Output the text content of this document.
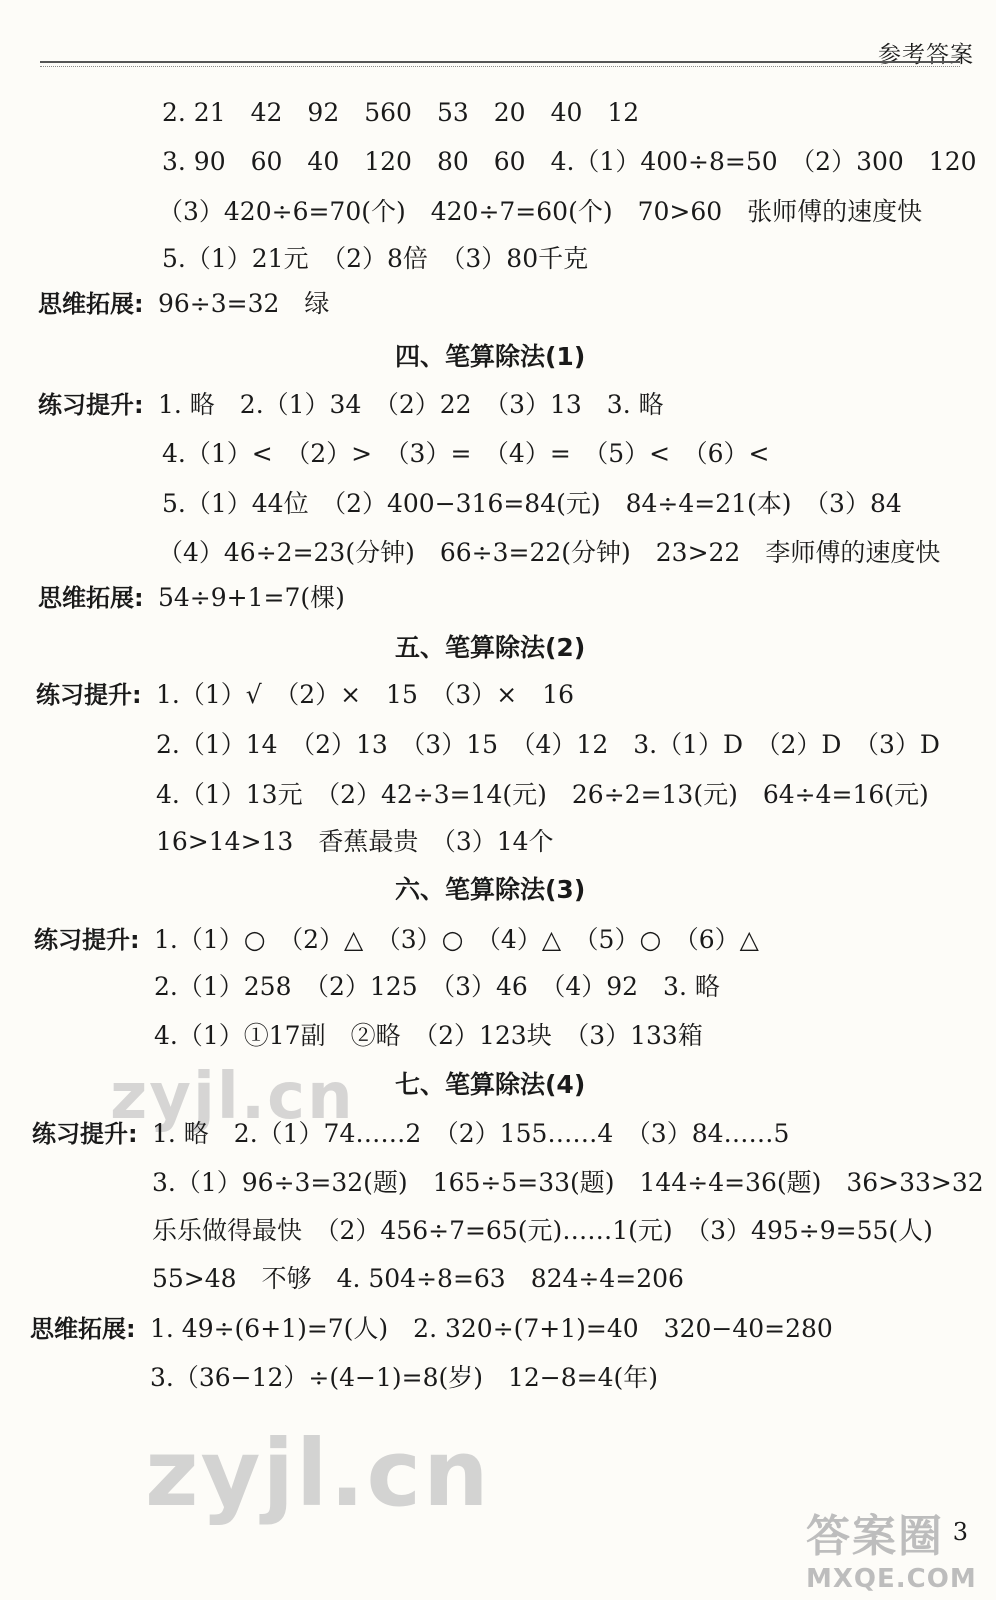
参考答案
zyjl.cn
zyjl.cn
2. 21　42　92　560　53　20　40　12
3. 90　60　40　120　80　60　4.（1）400÷8=50　（2）300　120
（3）420÷6=70(个)　420÷7=60(个)　70>60　张师傅的速度快
5.（1）21元　（2）8倍　（3）80千克
思维拓展: 96÷3=32　绿
四、笔算除法(1)
练习提升: 1. 略　2.（1）34　（2）22　（3）13　3. 略
4.（1）<　（2）>　（3）=　（4）=　（5）<　（6）<
5.（1）44位　（2）400−316=84(元)　84÷4=21(本)　（3）84
（4）46÷2=23(分钟)　66÷3=22(分钟)　23>22　李师傅的速度快
思维拓展: 54÷9+1=7(棵)
五、笔算除法(2)
练习提升: 1.（1）√　（2）×　15　（3）×　16
2.（1）14　（2）13　（3）15　（4）12　3.（1）D　（2）D　（3）D
4.（1）13元　（2）42÷3=14(元)　26÷2=13(元)　64÷4=16(元)
16>14>13　香蕉最贵　（3）14个
六、笔算除法(3)
练习提升: 1.（1）○　（2）△　（3）○　（4）△　（5）○　（6）△
2.（1）258　（2）125　（3）46　（4）92　3. 略
4.（1）①17副　②略　（2）123块　（3）133箱
七、笔算除法(4)
练习提升: 1. 略　2.（1）74……2　（2）155……4　（3）84……5
3.（1）96÷3=32(题)　165÷5=33(题)　144÷4=36(题)　36>33>32
乐乐做得最快　（2）456÷7=65(元)……1(元)　（3）495÷9=55(人)
55>48　不够　4. 504÷8=63　824÷4=206
思维拓展: 1. 49÷(6+1)=7(人)　2. 320÷(7+1)=40　320−40=280
3.（36−12）÷(4−1)=8(岁)　12−8=4(年)
答案圈
MXQE.COM
3
